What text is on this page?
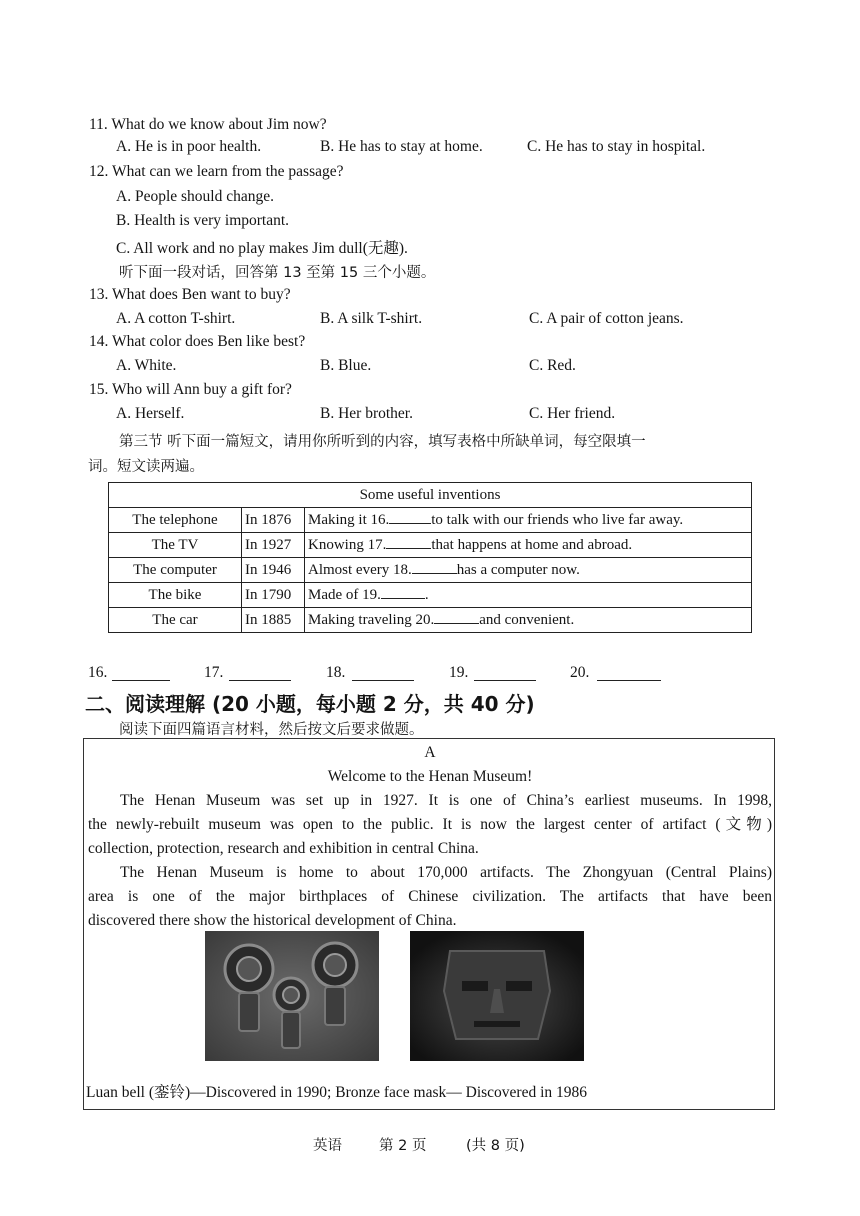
11. What do we know about Jim now?
A. He is in poor health.	B. He has to stay at home.	C. He has to stay in hospital.
12. What can we learn from the passage?
A. People should change.
B. Health is very important.
C. All work and no play makes Jim dull(无趣).
听下面一段对话，回答第 13 至第 15 三个小题。
13. What does Ben want to buy?
A. A cotton T-shirt.	B. A silk T-shirt.	C. A pair of cotton jeans.
14. What color does Ben like best?
A. White.	B. Blue.	C. Red.
15. Who will Ann buy a gift for?
A. Herself.	B. Her brother.	C. Her friend.
第三节 听下面一篇短文，请用你所听到的内容，填写表格中所缺单词，每空限填一
词。短文读两遍。
Some useful inventions		
The telephone	In 1876	Making it 16. to talk with our friends who live far away.
The TV	In 1927	Knowing 17. that happens at home and abroad.
The computer	In 1946	Almost every 18. has a computer now.
The bike	In 1790	Made of 19. .
The car	In 1885	Making traveling 20. and convenient.
16.	17.	18.	19.	20.
二、阅读理解 (20 小题，每小题 2 分，共 40 分)
阅读下面四篇语言材料，然后按文后要求做题。
A
Welcome to the Henan Museum!
The Henan Museum was set up in 1927. It is one of China’s earliest museums. In 1998,
the newly-rebuilt museum was open to the public. It is now the largest center of artifact (文物)
collection, protection, research and exhibition in central China.
The Henan Museum is home to about 170,000 artifacts. The Zhongyuan (Central Plains)
area is one of the major birthplaces of Chinese civilization. The artifacts that have been
discovered there show the historical development of China.
Luan bell (銮铃)—Discovered in 1990; Bronze face mask— Discovered in 1986
英语	第 2 页	(共 8 页)
